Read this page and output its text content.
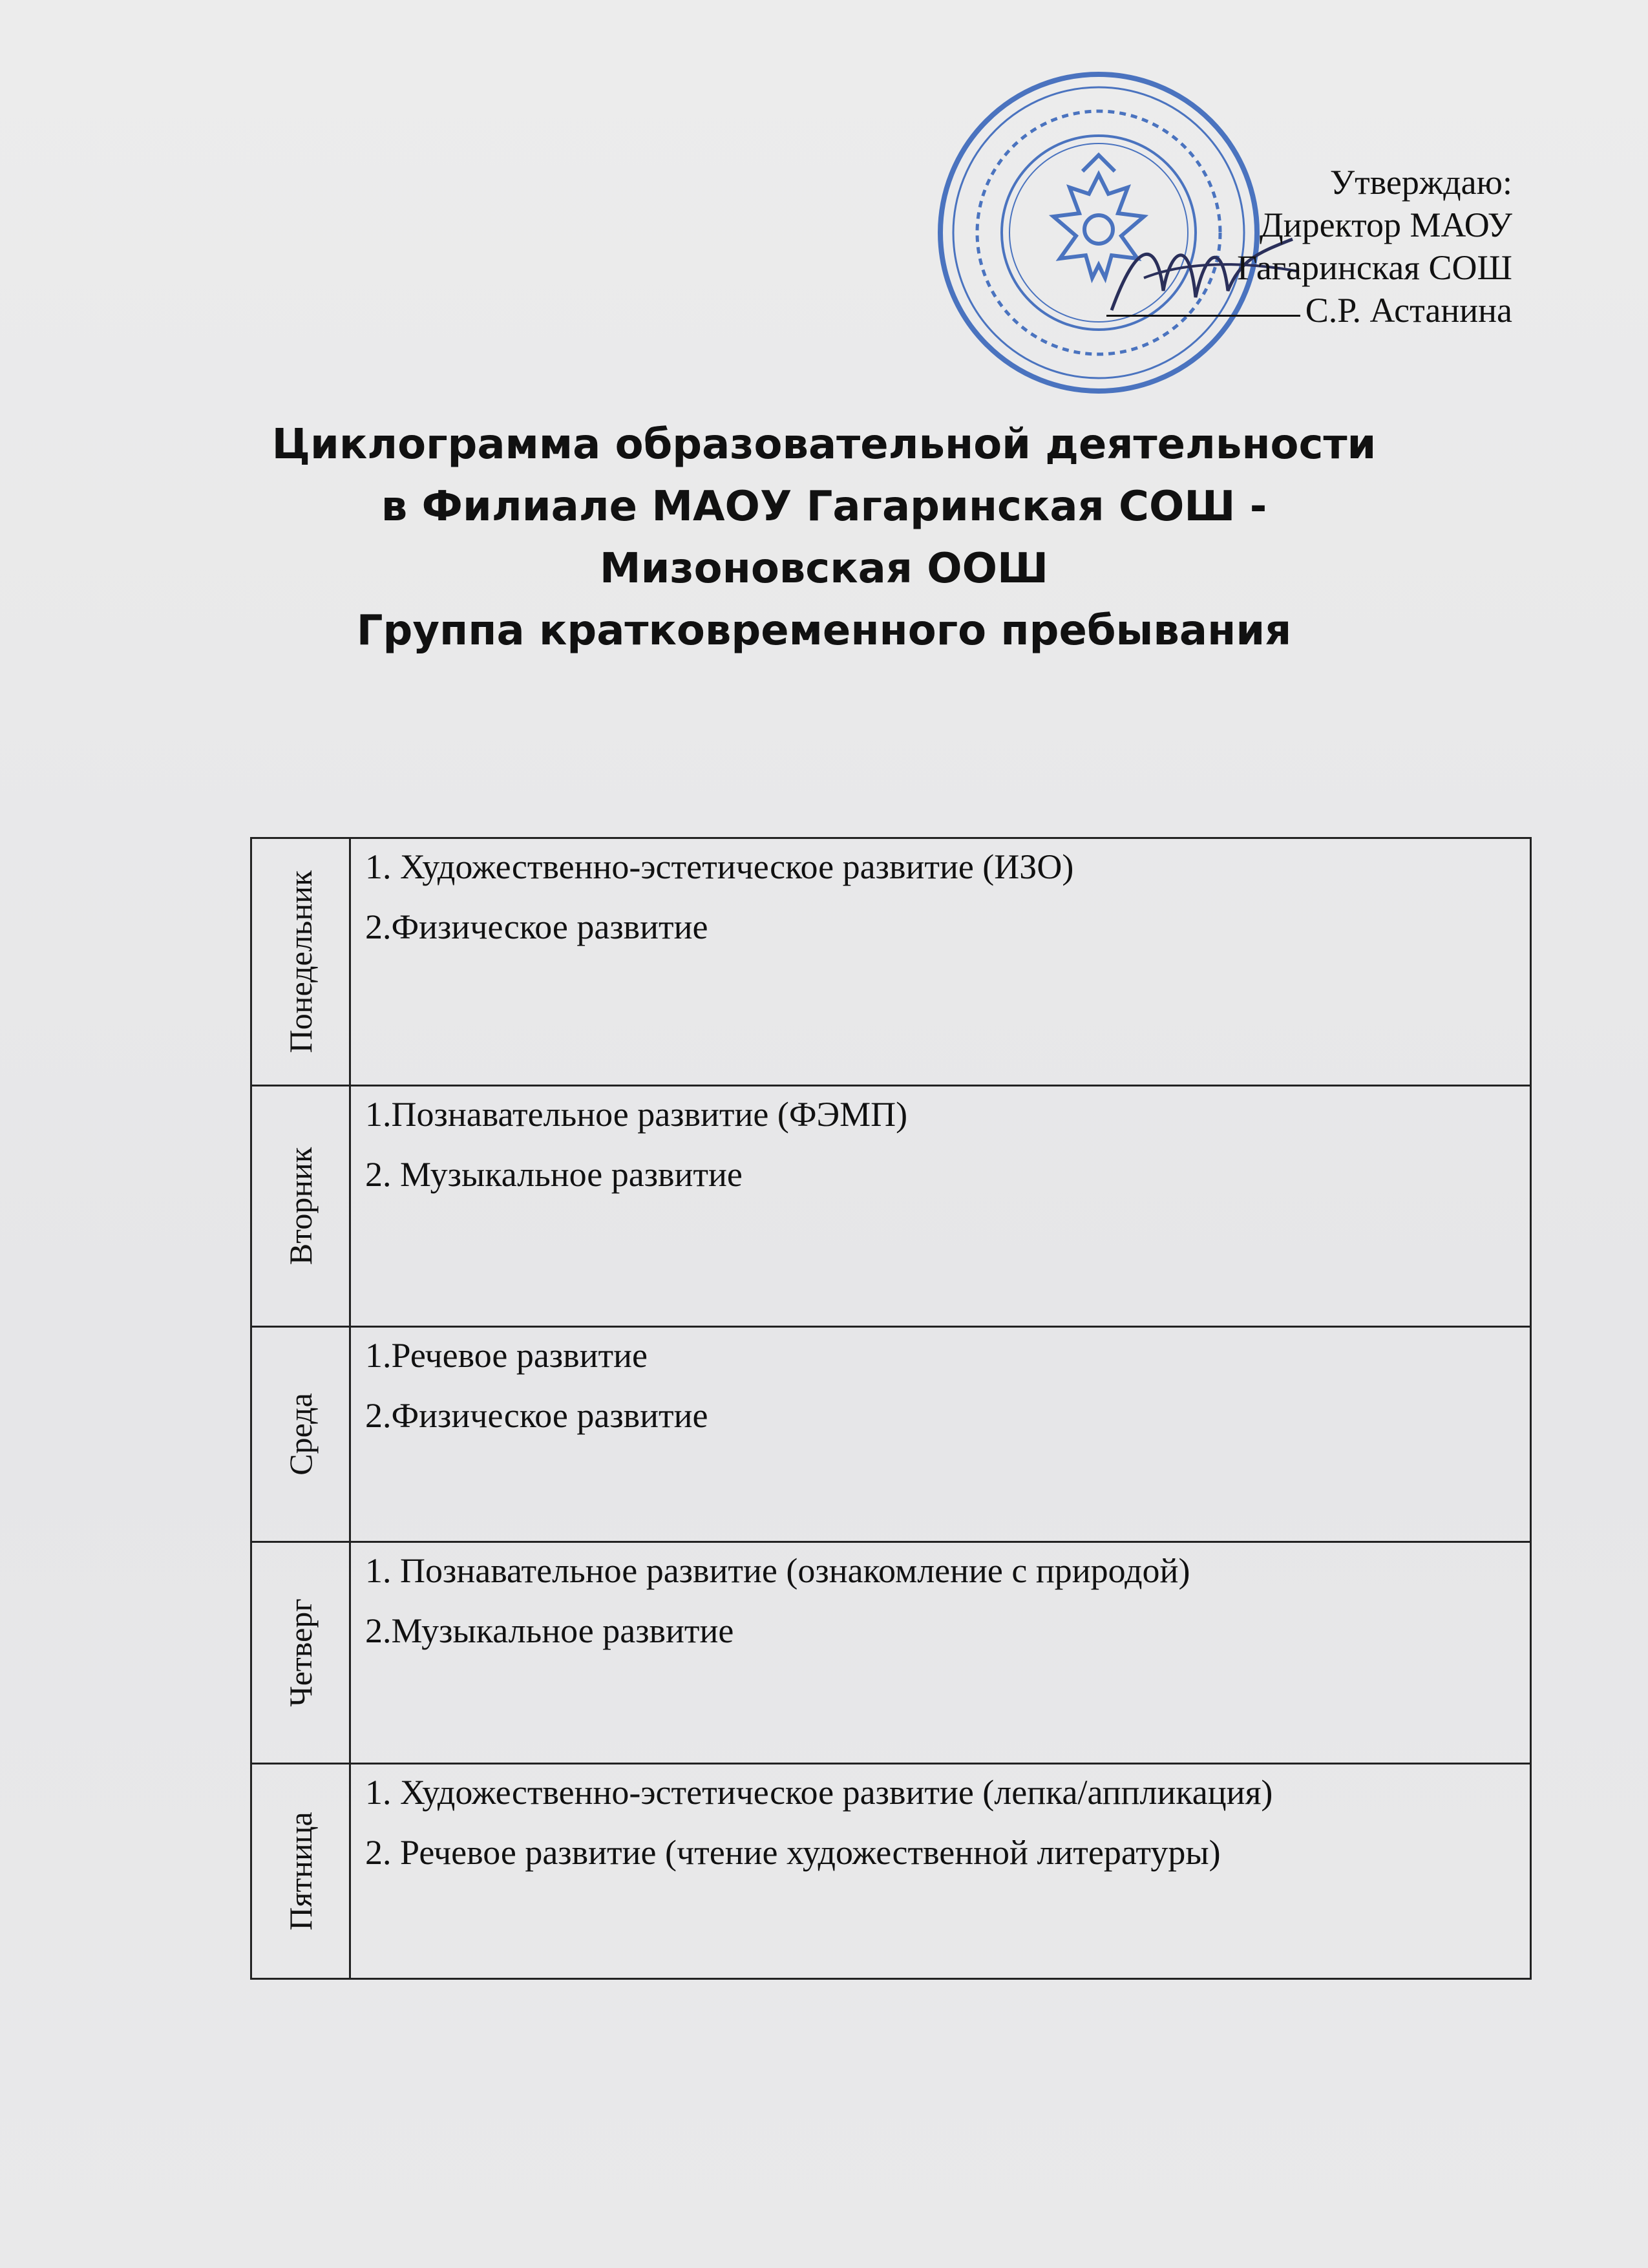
Утверждаю:
Директор МАОУ
Гагаринская СОШ
С.Р. Астанина
Циклограмма образовательной деятельности
в Филиале МАОУ Гагаринская СОШ -
Мизоновская ООШ
Группа кратковременного пребывания
Понедельник	1. Художественно-эстетическое развитие (ИЗО)
2.Физическое развитие

Вторник	1.Познавательное развитие (ФЭМП)
2. Музыкальное развитие

Среда	1.Речевое развитие
2.Физическое развитие

Четверг	1. Познавательное развитие (ознакомление с природой)
2.Музыкальное развитие

Пятница	1. Художественно-эстетическое развитие (лепка/аппликация)
2. Речевое развитие (чтение художественной литературы)
